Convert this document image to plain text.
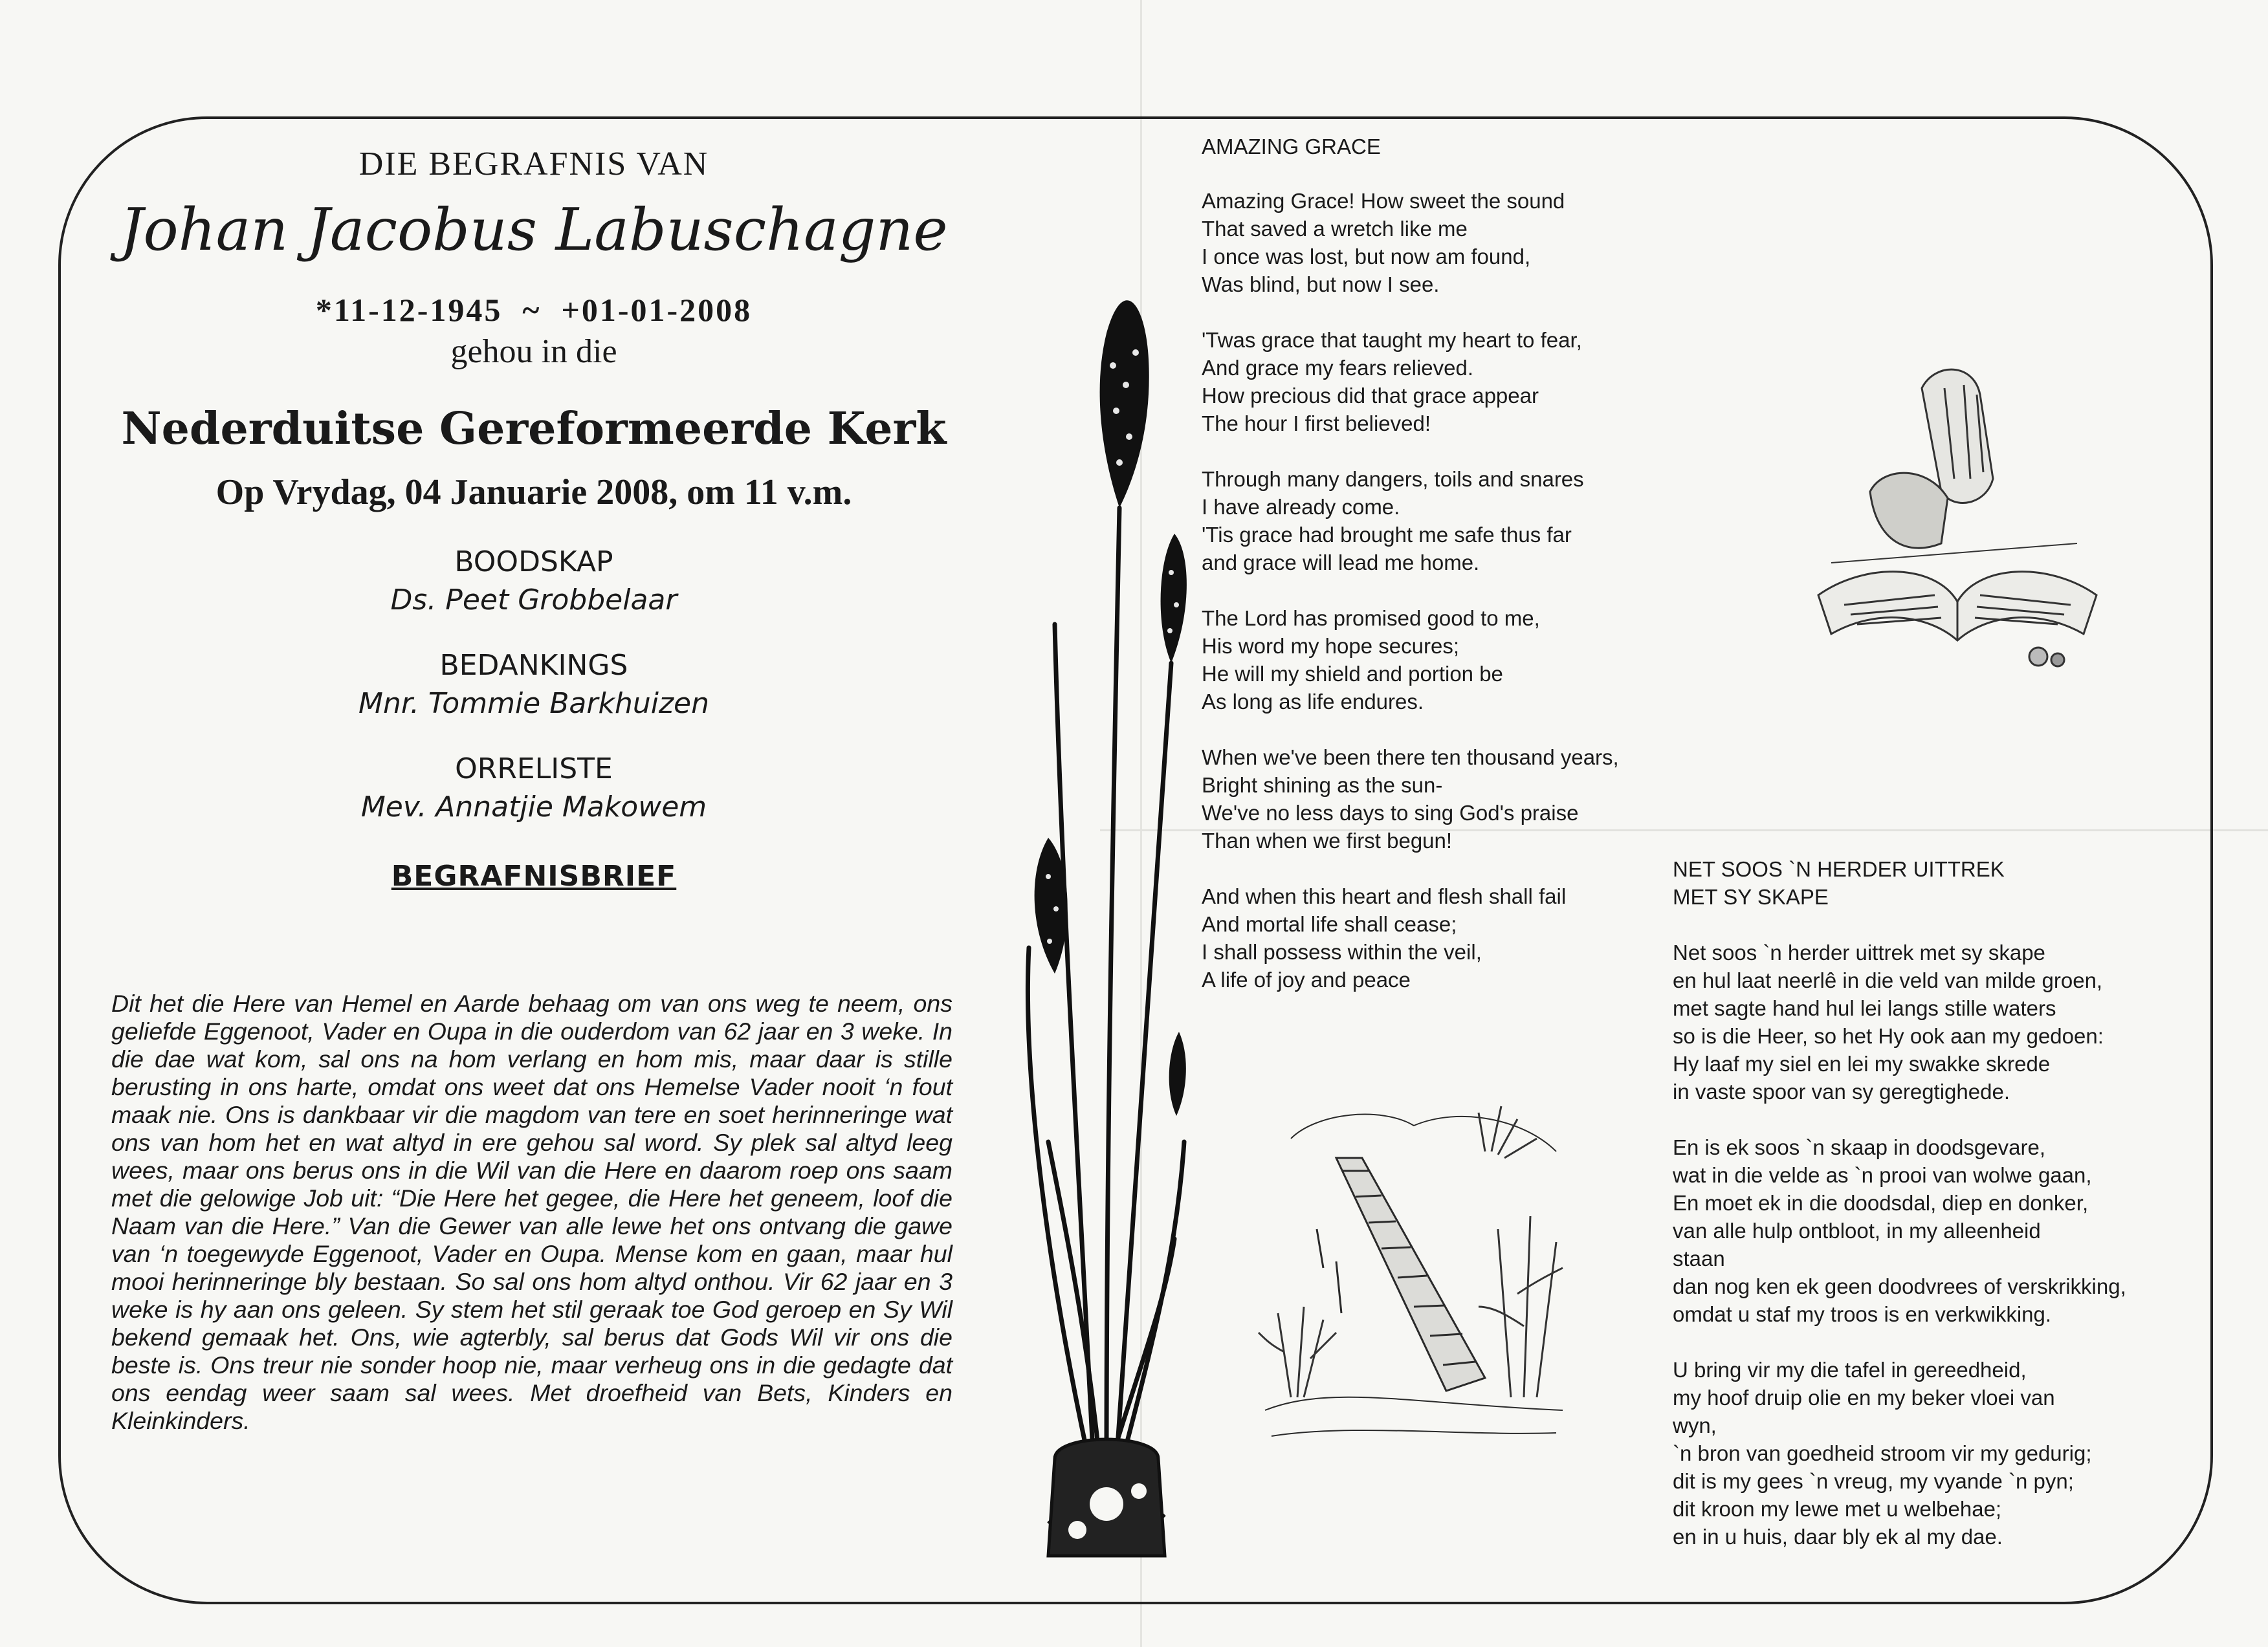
DIE BEGRAFNIS VAN
Johan Jacobus Labuschagne
*11-12-1945  ~  +01-01-2008
gehou in die
Nederduitse Gereformeerde Kerk
Op Vrydag, 04 Januarie 2008, om 11 v.m.
BOODSKAP
Ds. Peet Grobbelaar
BEDANKINGS
Mnr. Tommie Barkhuizen
ORRELISTE
Mev. Annatjie Makowem
BEGRAFNISBRIEF

Dit het die Here van Hemel en Aarde behaag om van ons weg te neem, ons geliefde Eggenoot, Vader en Oupa in die ouderdom van 62 jaar en 3 weke. In die dae wat kom, sal ons na hom verlang en hom mis, maar daar is stille berusting in ons harte, omdat ons weet dat ons Hemelse Vader nooit ‘n fout maak nie. Ons is dankbaar vir die magdom van tere en soet herinneringe wat ons van hom het en wat altyd in ere gehou sal word. Sy plek sal altyd leeg wees, maar ons berus ons in die Wil van die Here en daarom roep ons saam met die gelowige Job uit: “Die Here het gegee, die Here het geneem, loof die Naam van die Here.” Van die Gewer van alle lewe het ons ontvang die gawe van ‘n toegewyde Eggenoot, Vader en Oupa. Mense kom en gaan, maar hul mooi herinneringe bly bestaan. So sal ons hom altyd onthou. Vir 62 jaar en 3 weke is hy aan ons geleen. Sy stem het stil geraak toe God geroep en Sy Wil bekend gemaak het. Ons, wie agterbly, sal berus dat Gods Wil vir ons die beste is. Ons treur nie sonder hoop nie, maar verheug ons in die gedagte dat ons eendag weer saam sal wees. Met droefheid van Bets, Kinders en Kleinkinders.

AMAZING GRACE
Amazing Grace! How sweet the sound
That saved a wretch like me
I once was lost, but now am found,
Was blind, but now I see.
'Twas grace that taught my heart to fear,
And grace my fears relieved.
How precious did that grace appear
The hour I first believed!
Through many dangers, toils and snares
I have already come.
'Tis grace had brought me safe thus far
and grace will lead me home.
The Lord has promised good to me,
His word my hope secures;
He will my shield and portion be
As long as life endures.
When we've been there ten thousand years,
Bright shining as the sun-
We've no less days to sing God's praise
Than when we first begun!
And when this heart and flesh shall fail
And mortal life shall cease;
I shall possess within the veil,
A life of joy and peace
NET SOOS `N HERDER UITTREK
MET SY SKAPE
Net soos `n herder uittrek met sy skape
en hul laat neerlê in die veld van milde groen,
met sagte hand hul lei langs stille waters
so is die Heer, so het Hy ook aan my gedoen:
Hy laaf my siel en lei my swakke skrede
in vaste spoor van sy geregtighede.
En is ek soos `n skaap in doodsgevare,
wat in die velde as `n prooi van wolwe gaan,
En moet ek in die doodsdal, diep en donker,
van alle hulp ontbloot, in my alleenheid
staan
dan nog ken ek geen doodvrees of verskrikking,
omdat u staf my troos is en verkwikking.
U bring vir my die tafel in gereedheid,
my hoof druip olie en my beker vloei van
wyn,
`n bron van goedheid stroom vir my gedurig;
dit is my gees `n vreug, my vyande `n pyn;
dit kroon my lewe met u welbehae;
en in u huis, daar bly ek al my dae.
